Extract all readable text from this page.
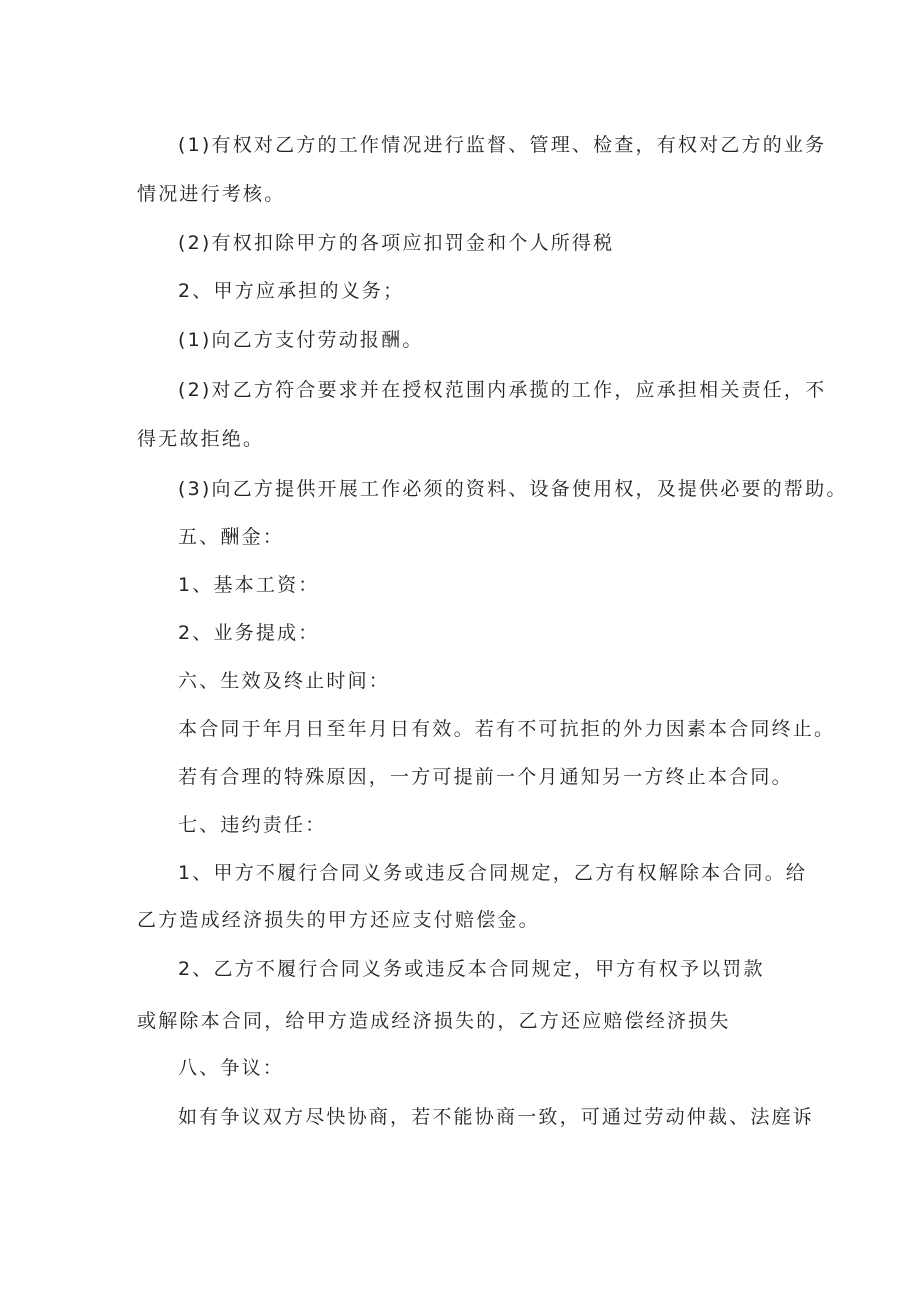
(1)有权对乙方的工作情况进行监督、管理、检查，有权对乙方的业务

情况进行考核。

(2)有权扣除甲方的各项应扣罚金和个人所得税

2、甲方应承担的义务；

(1)向乙方支付劳动报酬。

(2)对乙方符合要求并在授权范围内承揽的工作，应承担相关责任，不

得无故拒绝。

(3)向乙方提供开展工作必须的资料、设备使用权，及提供必要的帮助。

五、酬金：

1、基本工资：

2、业务提成：

六、生效及终止时间：

本合同于年月日至年月日有效。若有不可抗拒的外力因素本合同终止。

若有合理的特殊原因，一方可提前一个月通知另一方终止本合同。

七、违约责任：

1、甲方不履行合同义务或违反合同规定，乙方有权解除本合同。给

乙方造成经济损失的甲方还应支付赔偿金。

2、乙方不履行合同义务或违反本合同规定，甲方有权予以罚款

或解除本合同，给甲方造成经济损失的，乙方还应赔偿经济损失

八、争议：

如有争议双方尽快协商，若不能协商一致，可通过劳动仲裁、法庭诉
